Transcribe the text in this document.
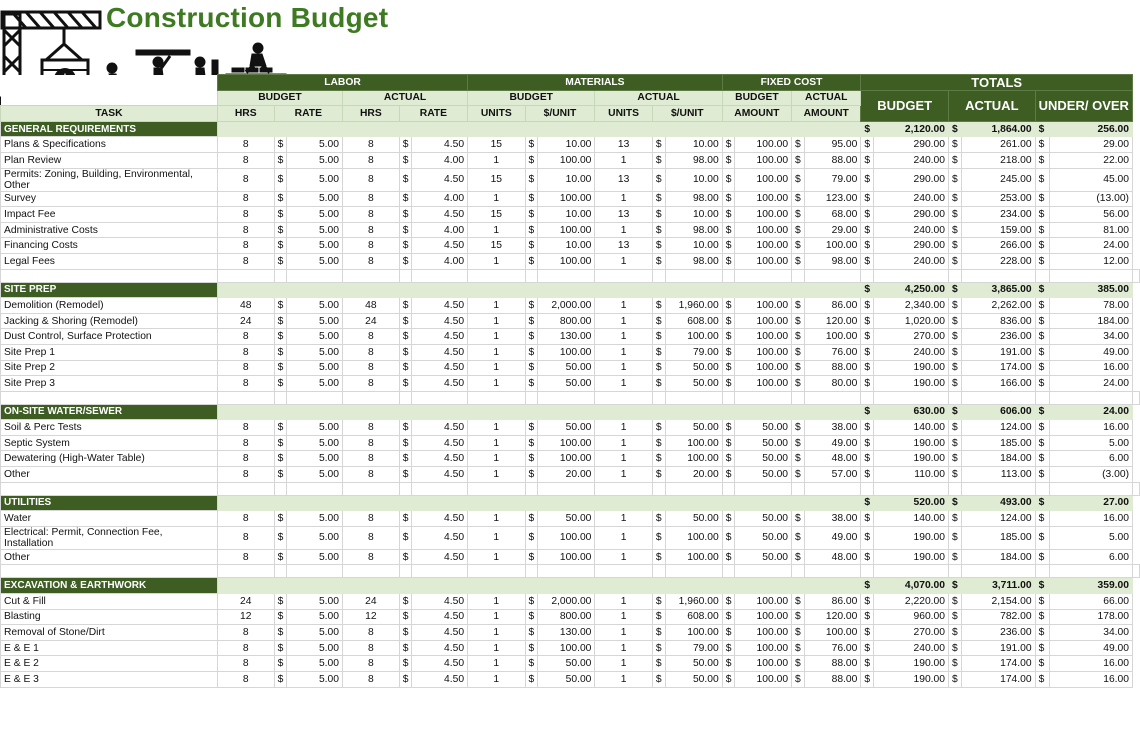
Construction Budget
	LABOR						MATERIALS						FIXED COST				TOTALS						
	BUDGET			ACTUAL			BUDGET			ACTUAL			BUDGET		ACTUAL		BUDGET		ACTUAL		UNDER/ OVER		
TASK	HRS	RATE		HRS	RATE		UNITS	$/UNIT		UNITS	$/UNIT		AMOUNT		AMOUNT								
GENERAL REQUIREMENTS																	$	2,120.00	$	1,864.00	$	256.00	
Plans & Specifications	8	$	5.00	8	$	4.50	15	$	10.00	13	$	10.00	$	100.00	$	95.00	$	290.00	$	261.00	$	29.00	
Plan Review	8	$	5.00	8	$	4.00	1	$	100.00	1	$	98.00	$	100.00	$	88.00	$	240.00	$	218.00	$	22.00	
Permits: Zoning, Building, Environmental, Other	8	$	5.00	8	$	4.50	15	$	10.00	13	$	10.00	$	100.00	$	79.00	$	290.00	$	245.00	$	45.00	
Survey	8	$	5.00	8	$	4.00	1	$	100.00	1	$	98.00	$	100.00	$	123.00	$	240.00	$	253.00	$	(13.00)	
Impact Fee	8	$	5.00	8	$	4.50	15	$	10.00	13	$	10.00	$	100.00	$	68.00	$	290.00	$	234.00	$	56.00	
Administrative Costs	8	$	5.00	8	$	4.00	1	$	100.00	1	$	98.00	$	100.00	$	29.00	$	240.00	$	159.00	$	81.00	
Financing Costs	8	$	5.00	8	$	4.50	15	$	10.00	13	$	10.00	$	100.00	$	100.00	$	290.00	$	266.00	$	24.00	
Legal Fees	8	$	5.00	8	$	4.00	1	$	100.00	1	$	98.00	$	100.00	$	98.00	$	240.00	$	228.00	$	12.00	

SITE PREP																	$	4,250.00	$	3,865.00	$	385.00	
Demolition (Remodel)	48	$	5.00	48	$	4.50	1	$	2,000.00	1	$	1,960.00	$	100.00	$	86.00	$	2,340.00	$	2,262.00	$	78.00	
Jacking & Shoring (Remodel)	24	$	5.00	24	$	4.50	1	$	800.00	1	$	608.00	$	100.00	$	120.00	$	1,020.00	$	836.00	$	184.00	
Dust Control, Surface Protection	8	$	5.00	8	$	4.50	1	$	130.00	1	$	100.00	$	100.00	$	100.00	$	270.00	$	236.00	$	34.00	
Site Prep 1	8	$	5.00	8	$	4.50	1	$	100.00	1	$	79.00	$	100.00	$	76.00	$	240.00	$	191.00	$	49.00	
Site Prep 2	8	$	5.00	8	$	4.50	1	$	50.00	1	$	50.00	$	100.00	$	88.00	$	190.00	$	174.00	$	16.00	
Site Prep 3	8	$	5.00	8	$	4.50	1	$	50.00	1	$	50.00	$	100.00	$	80.00	$	190.00	$	166.00	$	24.00	

ON-SITE WATER/SEWER																	$	630.00	$	606.00	$	24.00	
Soil & Perc Tests	8	$	5.00	8	$	4.50	1	$	50.00	1	$	50.00	$	50.00	$	38.00	$	140.00	$	124.00	$	16.00	
Septic System	8	$	5.00	8	$	4.50	1	$	100.00	1	$	100.00	$	50.00	$	49.00	$	190.00	$	185.00	$	5.00	
Dewatering (High-Water Table)	8	$	5.00	8	$	4.50	1	$	100.00	1	$	100.00	$	50.00	$	48.00	$	190.00	$	184.00	$	6.00	
Other	8	$	5.00	8	$	4.50	1	$	20.00	1	$	20.00	$	50.00	$	57.00	$	110.00	$	113.00	$	(3.00)	

UTILITIES																	$	520.00	$	493.00	$	27.00	
Water	8	$	5.00	8	$	4.50	1	$	50.00	1	$	50.00	$	50.00	$	38.00	$	140.00	$	124.00	$	16.00	
Electrical: Permit, Connection Fee, Installation	8	$	5.00	8	$	4.50	1	$	100.00	1	$	100.00	$	50.00	$	49.00	$	190.00	$	185.00	$	5.00	
Other	8	$	5.00	8	$	4.50	1	$	100.00	1	$	100.00	$	50.00	$	48.00	$	190.00	$	184.00	$	6.00	

EXCAVATION & EARTHWORK																	$	4,070.00	$	3,711.00	$	359.00	
Cut & Fill	24	$	5.00	24	$	4.50	1	$	2,000.00	1	$	1,960.00	$	100.00	$	86.00	$	2,220.00	$	2,154.00	$	66.00	
Blasting	12	$	5.00	12	$	4.50	1	$	800.00	1	$	608.00	$	100.00	$	120.00	$	960.00	$	782.00	$	178.00	
Removal of Stone/Dirt	8	$	5.00	8	$	4.50	1	$	130.00	1	$	100.00	$	100.00	$	100.00	$	270.00	$	236.00	$	34.00	
E & E 1	8	$	5.00	8	$	4.50	1	$	100.00	1	$	79.00	$	100.00	$	76.00	$	240.00	$	191.00	$	49.00	
E & E 2	8	$	5.00	8	$	4.50	1	$	50.00	1	$	50.00	$	100.00	$	88.00	$	190.00	$	174.00	$	16.00	
E & E 3	8	$	5.00	8	$	4.50	1	$	50.00	1	$	50.00	$	100.00	$	88.00	$	190.00	$	174.00	$	16.00	
